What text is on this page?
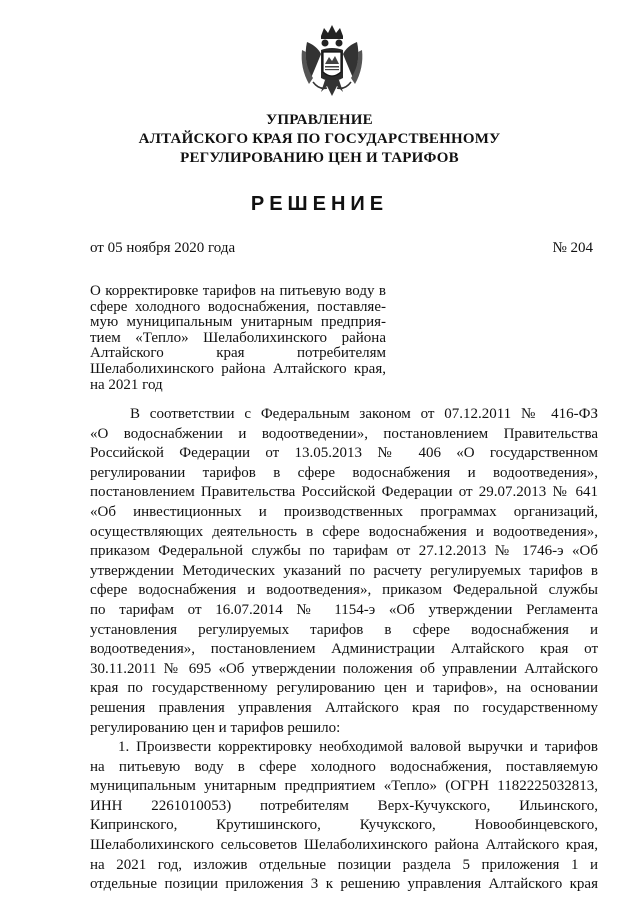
УПРАВЛЕНИЕ
АЛТАЙСКОГО КРАЯ ПО ГОСУДАРСТВЕННОМУ
РЕГУЛИРОВАНИЮ ЦЕН И ТАРИФОВ
РЕШЕНИЕ
от 05 ноября 2020 года	№ 204
О корректировке тарифов на питьевую воду в
сфере холодного водоснабжения, поставляе-
мую муниципальным унитарным предприя-
тием «Тепло» Шелаболихинского района
Алтайского края потребителям
Шелаболихинского района Алтайского края,
на 2021 год
В соответствии с Федеральным законом от 07.12.2011 № 416-ФЗ
«О водоснабжении и водоотведении», постановлением Правительства
Российской Федерации от 13.05.2013 № 406 «О государственном
регулировании тарифов в сфере водоснабжения и водоотведения»,
постановлением Правительства Российской Федерации от 29.07.2013 № 641
«Об инвестиционных и производственных программах организаций,
осуществляющих деятельность в сфере водоснабжения и водоотведения»,
приказом Федеральной службы по тарифам от 27.12.2013 № 1746-э «Об
утверждении Методических указаний по расчету регулируемых тарифов в
сфере водоснабжения и водоотведения», приказом Федеральной службы
по тарифам от 16.07.2014 № 1154-э «Об утверждении Регламента
установления регулируемых тарифов в сфере водоснабжения и
водоотведения», постановлением Администрации Алтайского края от
30.11.2011 № 695 «Об утверждении положения об управлении Алтайского
края по государственному регулированию цен и тарифов», на основании
решения правления управления Алтайского края по государственному
регулированию цен и тарифов решило:
1. Произвести корректировку необходимой валовой выручки и тарифов
на питьевую воду в сфере холодного водоснабжения, поставляемую
муниципальным унитарным предприятием «Тепло» (ОГРН 1182225032813,
ИНН 2261010053) потребителям Верх-Кучукского, Ильинского,
Кипринского, Крутишинского, Кучукского, Новообинцевского,
Шелаболихинского сельсоветов Шелаболихинского района Алтайского края,
на 2021 год, изложив отдельные позиции раздела 5 приложения 1 и
отдельные позиции приложения 3 к решению управления Алтайского края
